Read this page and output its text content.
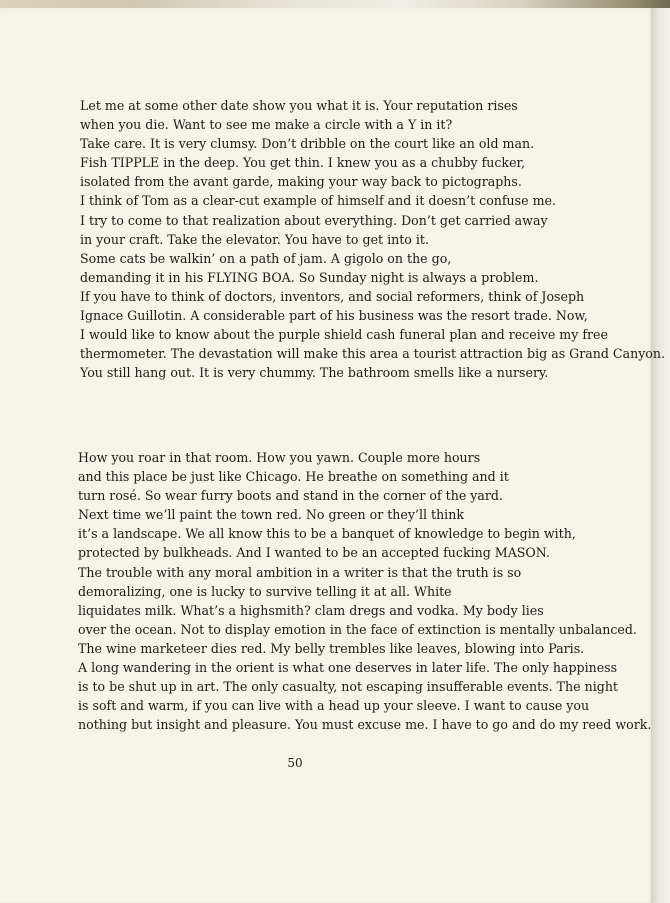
Let me at some other date show you what it is. Your reputation rises
when you die. Want to see me make a circle with a Y in it?
Take care. It is very clumsy. Don’t dribble on the court like an old man.
Fish TIPPLE in the deep. You get thin. I knew you as a chubby fucker,
isolated from the avant garde, making your way back to pictographs.
I think of Tom as a clear-cut example of himself and it doesn’t confuse me.
I try to come to that realization about everything. Don’t get carried away
in your craft. Take the elevator. You have to get into it.
Some cats be walkin’ on a path of jam. A gigolo on the go,
demanding it in his FLYING BOA. So Sunday night is always a problem.
If you have to think of doctors, inventors, and social reformers, think of Joseph
Ignace Guillotin. A considerable part of his business was the resort trade. Now,
I would like to know about the purple shield cash funeral plan and receive my free
thermometer. The devastation will make this area a tourist attraction big as Grand Canyon.
You still hang out. It is very chummy. The bathroom smells like a nursery.

How you roar in that room. How you yawn. Couple more hours
and this place be just like Chicago. He breathe on something and it
turn rosé. So wear furry boots and stand in the corner of the yard.
Next time we’ll paint the town red. No green or they’ll think
it’s a landscape. We all know this to be a banquet of knowledge to begin with,
protected by bulkheads. And I wanted to be an accepted fucking MASON.
The trouble with any moral ambition in a writer is that the truth is so
demoralizing, one is lucky to survive telling it at all. White
liquidates milk. What’s a highsmith? clam dregs and vodka. My body lies
over the ocean. Not to display emotion in the face of extinction is mentally unbalanced.
The wine marketeer dies red. My belly trembles like leaves, blowing into Paris.
A long wandering in the orient is what one deserves in later life. The only happiness
is to be shut up in art. The only casualty, not escaping insufferable events. The night
is soft and warm, if you can live with a head up your sleeve. I want to cause you
nothing but insight and pleasure. You must excuse me. I have to go and do my reed work.

50
